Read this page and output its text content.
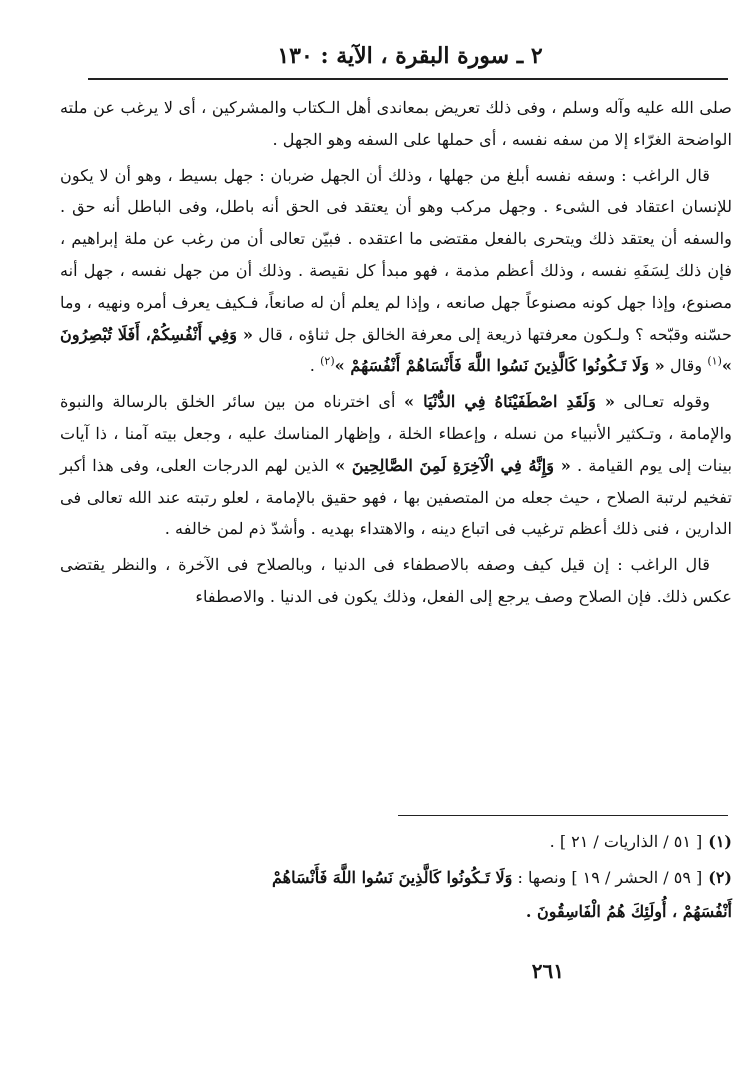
٢ ـ سورة البقرة ، الآية : ١٣٠

صلى الله عليه وآله وسلم ، وفى ذلك تعريض بمعاندى أهل الـكتاب والمشركين ، أى لا يرغب عن ملته الواضحة الغرّاء إلا من سفه نفسه ، أى حملها على السفه وهو الجهل .

قال الراغب : وسفه نفسه أبلغ من جهلها ، وذلك أن الجهل ضربان : جهل بسيط ، وهو أن لا يكون للإنسان اعتقاد فى الشىء . وجهل مركب وهو أن يعتقد فى الحق أنه باطل، وفى الباطل أنه حق . والسفه أن يعتقد ذلك ويتحرى بالفعل مقتضى ما اعتقده . فبيّن تعالى أن من رغب عن ملة إبراهيم ، فإن ذلك لِسَفَهِ نفسه ، وذلك أعظم مذمة ، فهو مبدأ كل نقيصة . وذلك أن من جهل نفسه ، جهل أنه مصنوع، وإذا جهل كونه مصنوعاً جهل صانعه ، وإذا لم يعلم أن له صانعاً، فـكيف يعرف أمره ونهيه ، وما حسّنه وقبّحه ؟ ولـكون معرفتها ذريعة إلى معرفة الخالق جل ثناؤه ، قال « وَفِي أَنْفُسِكُمْ، أَفَلَا تُبْصِرُونَ »$^{(١)}$ وقال « وَلَا تَـكُونُوا كَالَّذِينَ نَسُوا اللَّهَ فَأَنْسَاهُمْ أَنْفُسَهُمْ »$^{(٢)}$ .

وقوله تعـالى « وَلَقَدِ اصْطَفَيْنَاهُ فِي الدُّنْيَا » أى اخترناه من بين سائر الخلق بالرسالة والنبوة والإمامة ، وتـكثير الأنبياء من نسله ، وإعطاء الخلة ، وإظهار المناسك عليه ، وجعل بيته آمنا ، ذا آيات بينات إلى يوم القيامة . « وَإِنَّهُ فِي الْآخِرَةِ لَمِنَ الصَّالِحِينَ » الذين لهم الدرجات العلى، وفى هذا أكبر تفخيم لرتبة الصلاح ، حيث جعله من المتصفين بها ، فهو حقيق بالإمامة ، لعلو رتبته عند الله تعالى فى الدارين ، فنى ذلك أعظم ترغيب فى اتباع دينه ، والاهتداء بهديه . وأشدّ ذم لمن خالفه .

قال الراغب : إن قيل كيف وصفه بالاصطفاء فى الدنيا ، وبالصلاح فى الآخرة ، والنظر يقتضى عكس ذلك. فإن الصلاح وصف يرجع إلى الفعل، وذلك يكون فى الدنيا . والاصطفاء

(١)[ ٥١ / الذاريات / ٢١ ] .

(٢)[ ٥٩ / الحشر / ١٩ ] ونصها : وَلَا تَـكُونُوا كَالَّذِينَ نَسُوا اللَّهَ فَأَنْسَاهُمْ

أَنْفُسَهُمْ ، أُولَئِكَ هُمُ الْفَاسِقُونَ .

٢٦١
